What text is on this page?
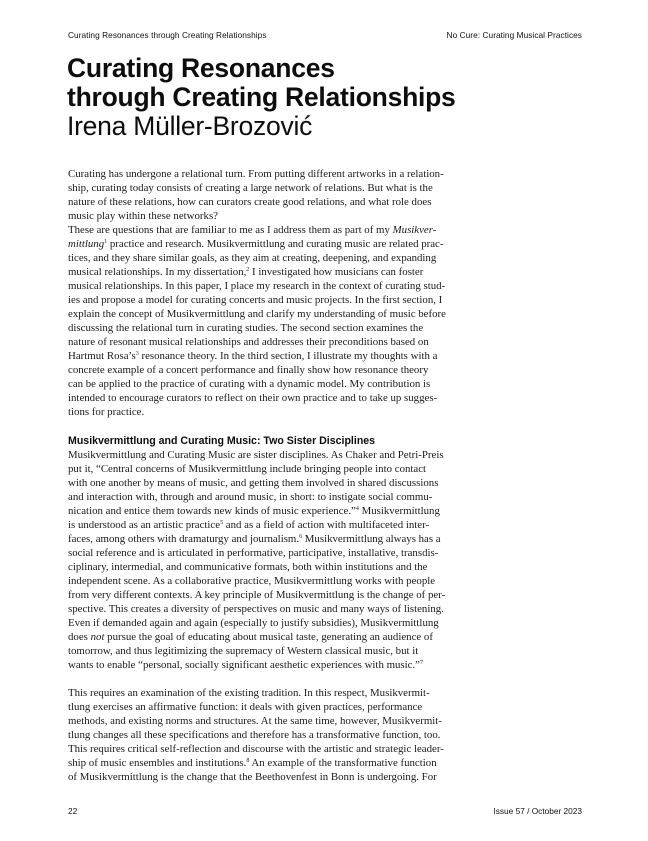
Curating Resonances through Creating Relationships	No Cure: Curating Musical Practices
Curating Resonances
through Creating Relationships
Irena Müller-Brozović
Curating has undergone a relational turn. From putting different artworks in a relation-
ship, curating today consists of creating a large network of relations. But what is the
nature of these relations, how can curators create good relations, and what role does
music play within these networks?
These are questions that are familiar to me as I address them as part of my Musikver-
mittlung$^1$ practice and research. Musikvermittlung and curating music are related prac-
tices, and they share similar goals, as they aim at creating, deepening, and expanding
musical relationships. In my dissertation,$^2$ I investigated how musicians can foster
musical relationships. In this paper, I place my research in the context of curating stud-
ies and propose a model for curating concerts and music projects. In the first section, I
explain the concept of Musikvermittlung and clarify my understanding of music before
discussing the relational turn in curating studies. The second section examines the
nature of resonant musical relationships and addresses their preconditions based on
Hartmut $Rosa’s^3$ resonance theory. In the third section, I illustrate my thoughts with a
concrete example of a concert performance and finally show how resonance theory
can be applied to the practice of curating with a dynamic model. My contribution is
intended to encourage curators to reflect on their own practice and to take up sugges-
tions for practice.
Musikvermittlung and Curating Music: Two Sister Disciplines
Musikvermittlung and Curating Music are sister disciplines. As Chaker and Petri-Preis
put it, “Central concerns of Musikvermittlung include bringing people into contact
with one another by means of music, and getting them involved in shared discussions
and interaction with, through and around music, in short: to instigate social commu-
nication and entice them towards new kinds of music experience.”$^4$ Musikvermittlung
is understood as an artistic practice$^5$ and as a field of action with multifaceted inter-
faces, among others with dramaturgy and journalism.$^6$ Musikvermittlung always has a
social reference and is articulated in performative, participative, installative, transdis-
ciplinary, intermedial, and communicative formats, both within institutions and the
independent scene. As a collaborative practice, Musikvermittlung works with people
from very different contexts. A key principle of Musikvermittlung is the change of per-
spective. This creates a diversity of perspectives on music and many ways of listening.
Even if demanded again and again (especially to justify subsidies), Musikvermittlung
does not pursue the goal of educating about musical taste, generating an audience of
tomorrow, and thus legitimizing the supremacy of Western classical music, but it
wants to enable “personal, socially significant aesthetic experiences with music.”$^7$
This requires an examination of the existing tradition. In this respect, Musikvermit-
tlung exercises an affirmative function: it deals with given practices, performance
methods, and existing norms and structures. At the same time, however, Musikvermit-
tlung changes all these specifications and therefore has a transformative function, too.
This requires critical self-reflection and discourse with the artistic and strategic leader-
ship of music ensembles and institutions.$^8$ An example of the transformative function
of Musikvermittlung is the change that the Beethovenfest in Bonn is undergoing. For
22	Issue 57 / October 2023
